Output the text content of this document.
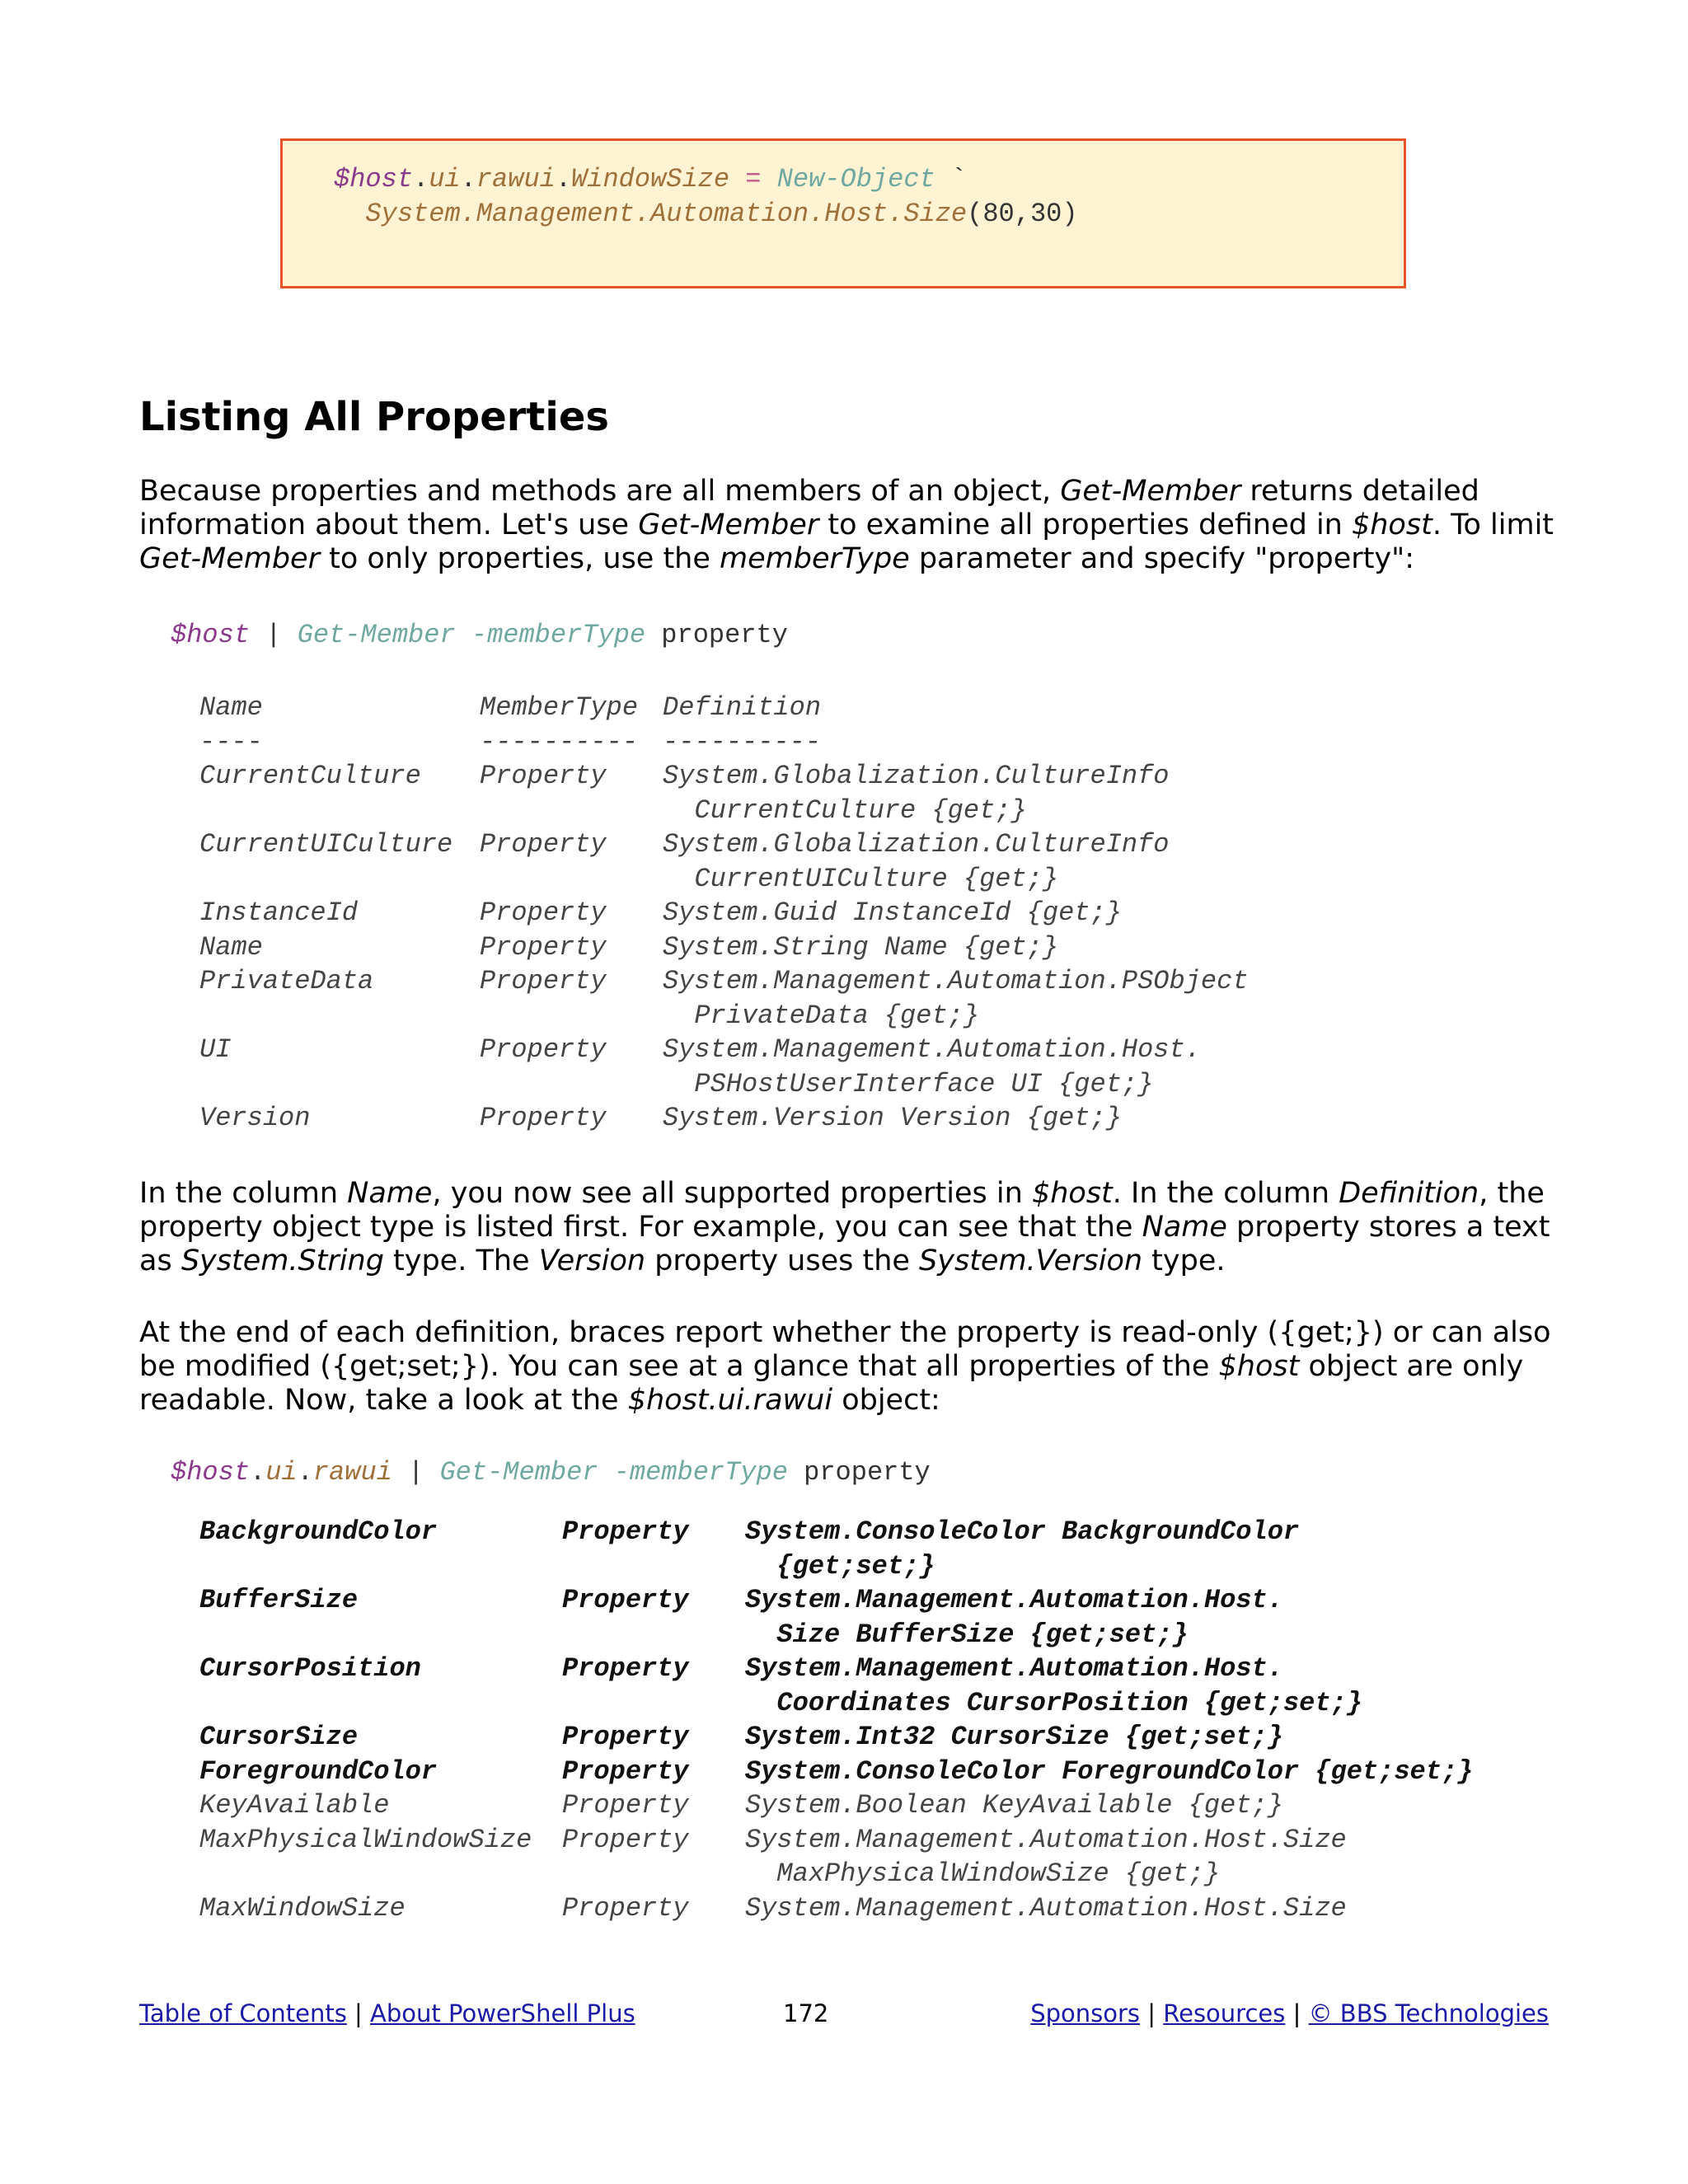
$host.ui.rawui.WindowSize = New-Object `
System.Management.Automation.Host.Size(80,30)
Listing All Properties

Because properties and methods are all members of an object, Get-Member returns detailed information about them. Let's use Get-Member to examine all properties defined in $host. To limit Get-Member to only properties, use the memberType parameter and specify "property":

$host | Get-Member -memberType property
Name	MemberType Definition
----	---------- ----------
CurrentCulture	Property	System.Globalization.CultureInfo
CurrentCulture {get;}
CurrentUICulture	Property	System.Globalization.CultureInfo
CurrentUICulture {get;}
InstanceId	Property	System.Guid InstanceId {get;}
Name	Property	System.String Name {get;}
PrivateData	Property	System.Management.Automation.PSObject
PrivateData {get;}
UI	Property	System.Management.Automation.Host.
PSHostUserInterface UI {get;}
Version	Property	System.Version Version {get;}

In the column Name, you now see all supported properties in $host. In the column Definition, the property object type is listed first. For example, you can see that the Name property stores a text as System.String type. The Version property uses the System.Version type.

At the end of each definition, braces report whether the property is read-only ({get;}) or can also be modified ({get;set;}). You can see at a glance that all properties of the $host object are only readable. Now, take a look at the $host.ui.rawui object:

$host.ui.rawui | Get-Member -memberType property
BackgroundColor	Property	System.ConsoleColor BackgroundColor
{get;set;}
BufferSize	Property	System.Management.Automation.Host.
Size BufferSize {get;set;}
CursorPosition	Property	System.Management.Automation.Host.
Coordinates CursorPosition {get;set;}
CursorSize	Property	System.Int32 CursorSize {get;set;}
ForegroundColor	Property	System.ConsoleColor ForegroundColor {get;set;}
KeyAvailable	Property	System.Boolean KeyAvailable {get;}
MaxPhysicalWindowSize	Property	System.Management.Automation.Host.Size
MaxPhysicalWindowSize {get;}
MaxWindowSize	Property	System.Management.Automation.Host.Size
Table of Contents | About PowerShell Plus	Sponsors | Resources | © BBS Technologies
172
